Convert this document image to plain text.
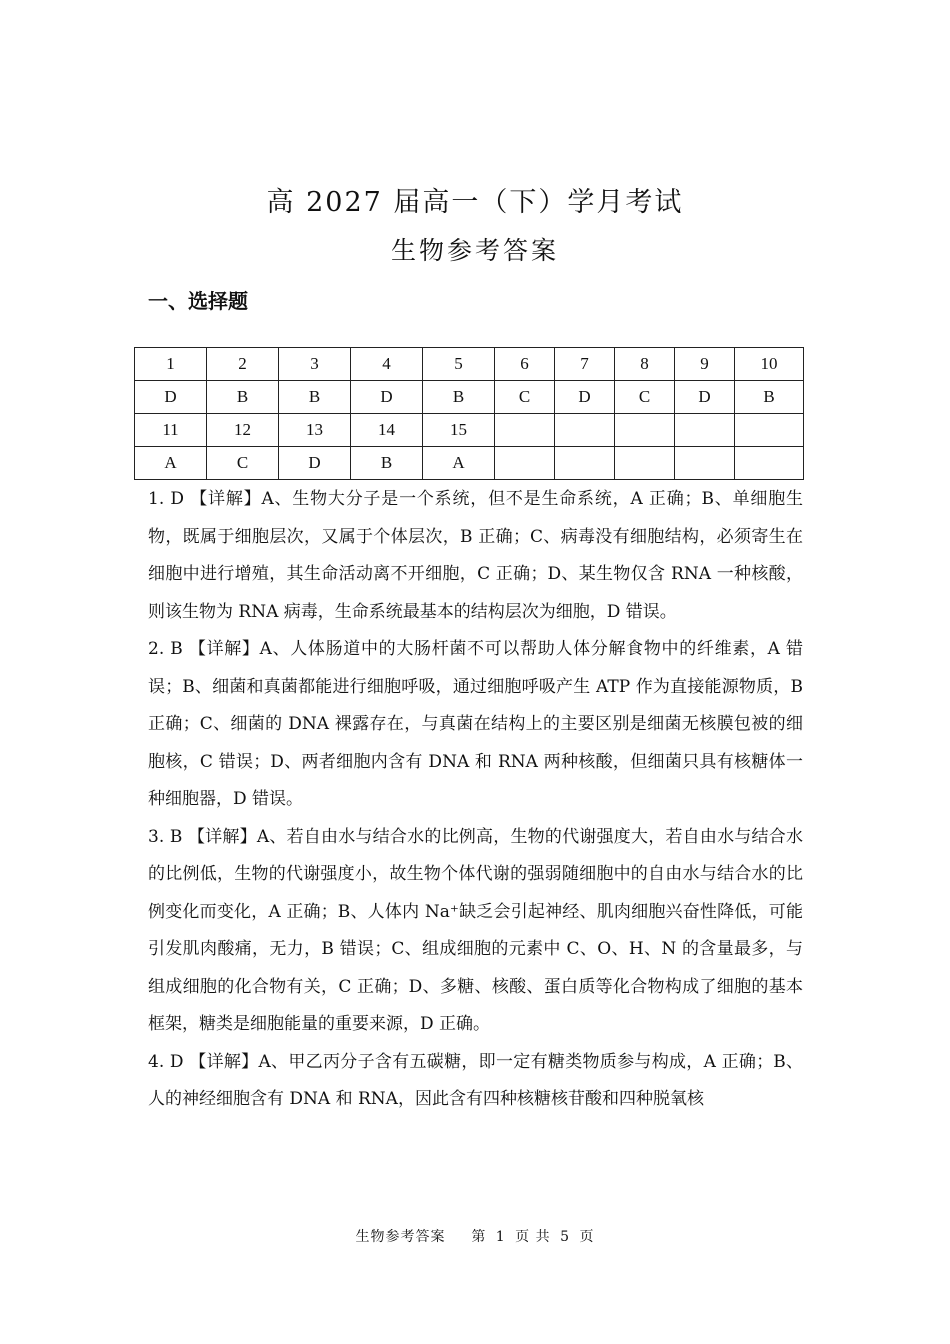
高 2027 届高一（下）学月考试
生物参考答案
一、选择题
1	2	3	4	5	6	7	8	9	10
D	B	B	D	B	C	D	C	D	B
11	12	13	14	15					
A	C	D	B	A					

1. D 【详解】A、生物大分子是一个系统，但不是生命系统，A 正确；B、单细胞生物，既属于细胞层次，又属于个体层次，B 正确；C、病毒没有细胞结构，必须寄生在细胞中进行增殖，其生命活动离不开细胞，C 正确；D、某生物仅含 RNA 一种核酸，则该生物为 RNA 病毒，生命系统最基本的结构层次为细胞，D 错误。

2. B 【详解】A、人体肠道中的大肠杆菌不可以帮助人体分解食物中的纤维素，A 错误；B、细菌和真菌都能进行细胞呼吸，通过细胞呼吸产生 ATP 作为直接能源物质，B 正确；C、细菌的 DNA 裸露存在，与真菌在结构上的主要区别是细菌无核膜包被的细胞核，C 错误；D、两者细胞内含有 DNA 和 RNA 两种核酸，但细菌只具有核糖体一种细胞器，D 错误。

3. B 【详解】A、若自由水与结合水的比例高，生物的代谢强度大，若自由水与结合水的比例低，生物的代谢强度小，故生物个体代谢的强弱随细胞中的自由水与结合水的比例变化而变化，A 正确；B、人体内 Na⁺缺乏会引起神经、肌肉细胞兴奋性降低，可能引发肌肉酸痛，无力，B 错误；C、组成细胞的元素中 C、O、H、N 的含量最多，与组成细胞的化合物有关，C 正确；D、多糖、核酸、蛋白质等化合物构成了细胞的基本框架，糖类是细胞能量的重要来源，D 正确。

4. D 【详解】A、甲乙丙分子含有五碳糖，即一定有糖类物质参与构成，A 正确；B、人的神经细胞含有 DNA 和 RNA，因此含有四种核糖核苷酸和四种脱氧核

生物参考答案 第 1 页 共 5 页
